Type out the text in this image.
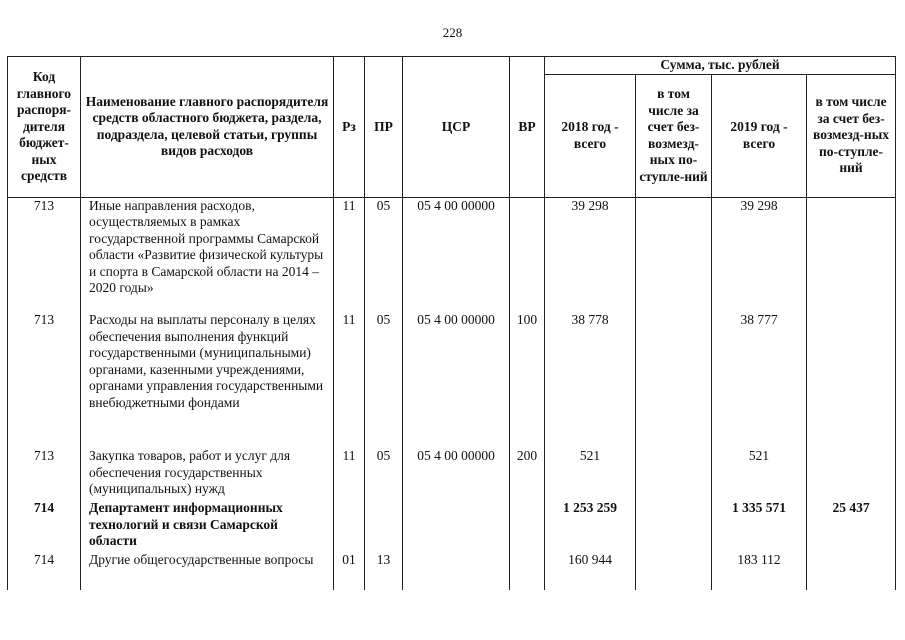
228
Код главного распоря-дителя бюджет-ных средств	Наименование главного распорядителя средств областного бюджета, раздела, подраздела, целевой статьи, группы видов расходов	Рз	ПР	ЦСР	ВР	Сумма, тыс. рублей			
						2018 год - всего	в том числе за счет без-возмезд-ных по-ступле-ний	2019 год - всего	в том числе за счет без-возмезд-ных по-ступле-ний
713	Иные направления расходов, осуществляемых в рамках государственной программы Самарской области «Развитие физической культуры и спорта в Самарской области на 2014 – 2020 годы»	11	05	05 4 00 00000		39 298		39 298	
713	Расходы на выплаты персоналу в целях обеспечения выполнения функций государственными (муниципальными) органами, казенными учреждениями, органами управления государственными внебюджетными фондами	11	05	05 4 00 00000	100	38 778		38 777	
713	Закупка товаров, работ и услуг для обеспечения государственных (муниципальных) нужд	11	05	05 4 00 00000	200	521		521	
714	Департамент информационных технологий и связи Самарской области					1 253 259		1 335 571	25 437
714	Другие общегосударственные вопросы	01	13			160 944		183 112	
